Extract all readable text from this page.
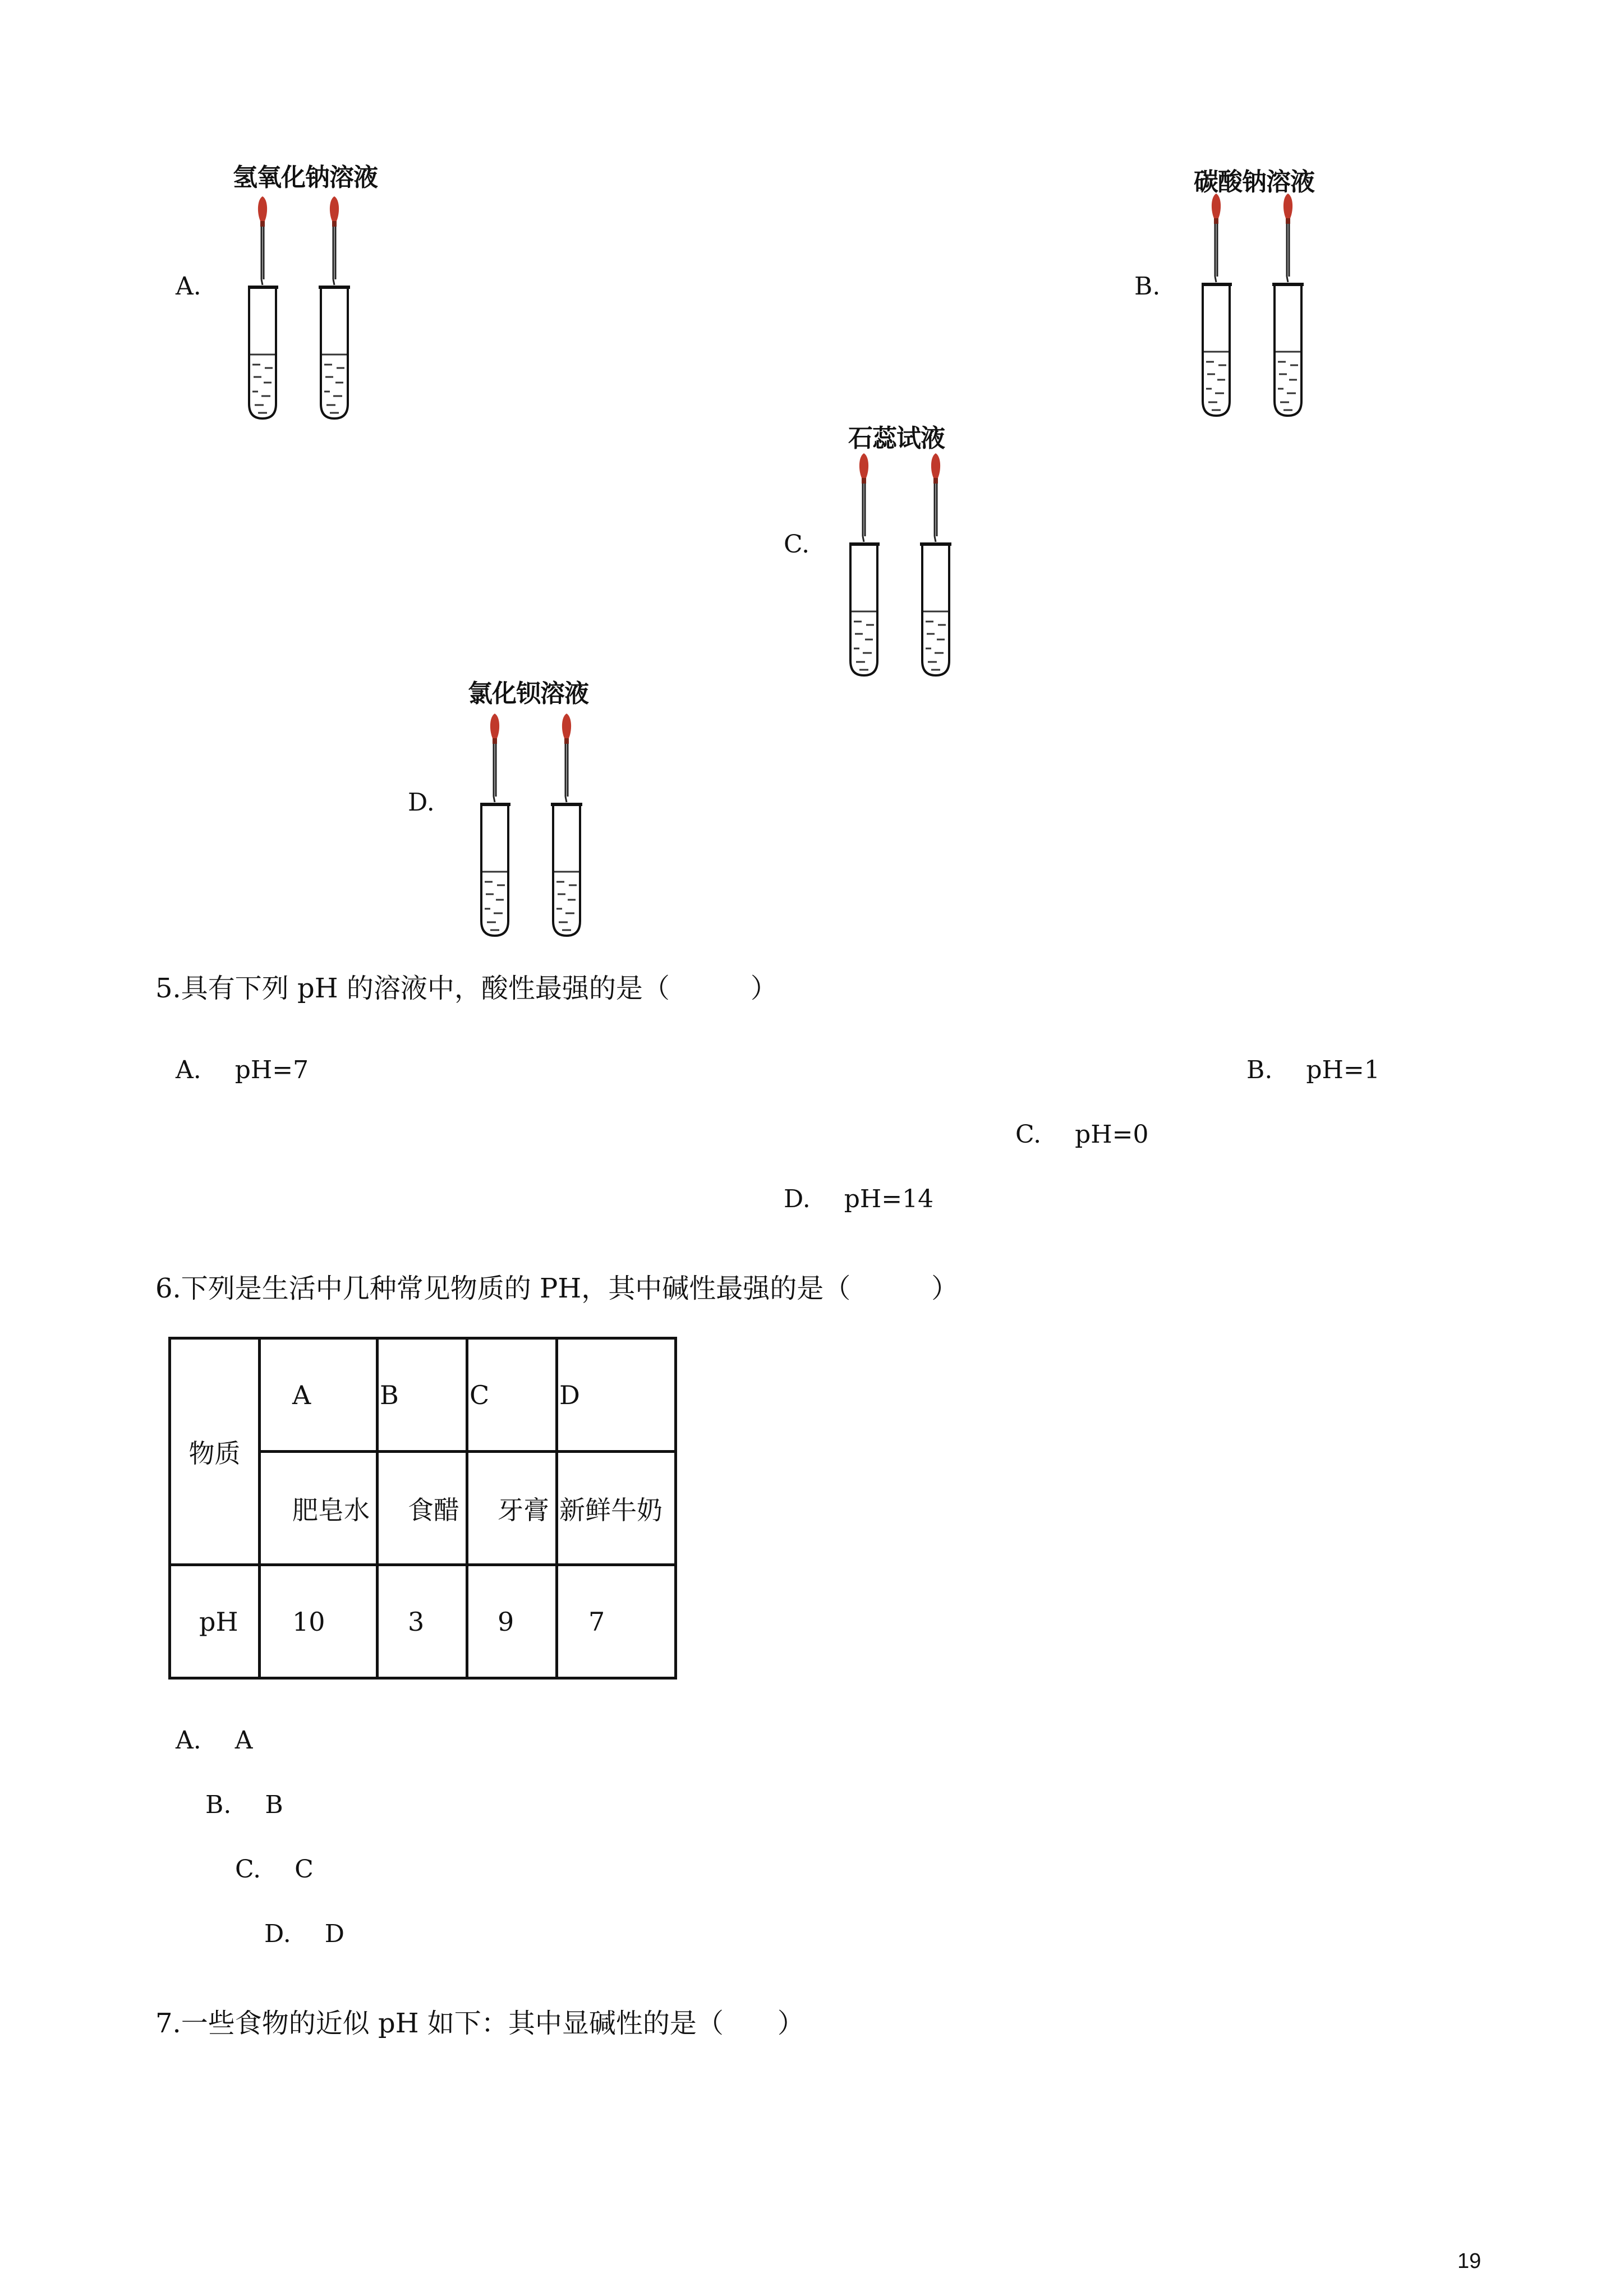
A.
氢氧化钠溶液
B.
碳酸钠溶液
C.
石蕊试液
D.
氯化钡溶液
5.具有下列 pH 的溶液中，酸性最强的是（　　　）
A. pH=7	B. pH=1
C. pH=0
D. pH=14
6.下列是生活中几种常见物质的 PH，其中碱性最强的是（　　　）
物质	A	B	C	D
	肥皂水	食醋	牙膏	新鲜牛奶
pH	10	3	9	7
A. A
B. B
C. C
D. D
7.一些食物的近似 pH 如下：其中显碱性的是（　　）
19
